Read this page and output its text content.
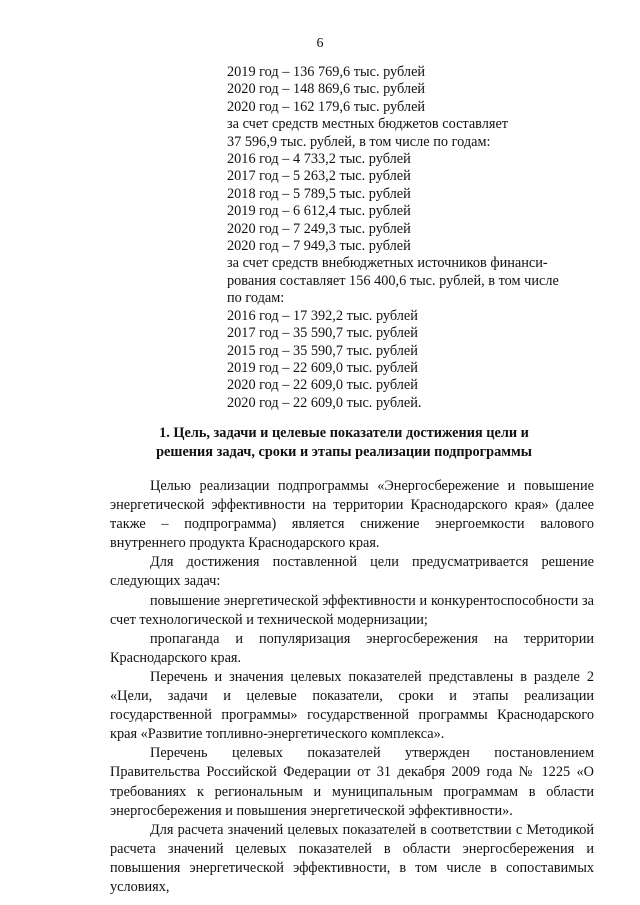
6
2019 год – 136 769,6 тыс. рублей
2020 год – 148 869,6 тыс. рублей
2020 год – 162 179,6 тыс. рублей
за счет средств местных бюджетов составляет
37 596,9 тыс. рублей, в том числе по годам:
2016 год – 4 733,2 тыс. рублей
2017 год – 5 263,2 тыс. рублей
2018 год – 5 789,5 тыс. рублей
2019 год – 6 612,4 тыс. рублей
2020 год – 7 249,3 тыс. рублей
2020 год – 7 949,3 тыс. рублей
за счет средств внебюджетных источников финанси-
рования составляет 156 400,6 тыс. рублей, в том числе
по годам:
2016 год – 17 392,2 тыс. рублей
2017 год – 35 590,7 тыс. рублей
2015 год – 35 590,7 тыс. рублей
2019 год – 22 609,0 тыс. рублей
2020 год – 22 609,0 тыс. рублей
2020 год – 22 609,0 тыс. рублей.
1. Цель, задачи и целевые показатели достижения цели и
решения задач, сроки и этапы реализации подпрограммы

Целью реализации подпрограммы «Энергосбережение и повышение энергетической эффективности на территории Краснодарского края» (далее также – подпрограмма) является снижение энергоемкости валового внутреннего продукта Краснодарского края.

Для достижения поставленной цели предусматривается решение следующих задач:

повышение энергетической эффективности и конкурентоспособности за счет технологической и технической модернизации;

пропаганда и популяризация энергосбережения на территории Краснодарского края.

Перечень и значения целевых показателей представлены в разделе 2 «Цели, задачи и целевые показатели, сроки и этапы реализации государственной программы» государственной программы Краснодарского края «Развитие топливно-энергетического комплекса».

Перечень целевых показателей утвержден постановлением Правительства Российской Федерации от 31 декабря 2009 года № 1225 «О требованиях к региональным и муниципальным программам в области энергосбережения и повышения энергетической эффективности».

Для расчета значений целевых показателей в соответствии с Методикой расчета значений целевых показателей в области энергосбережения и повышения энергетической эффективности, в том числе в сопоставимых условиях,
